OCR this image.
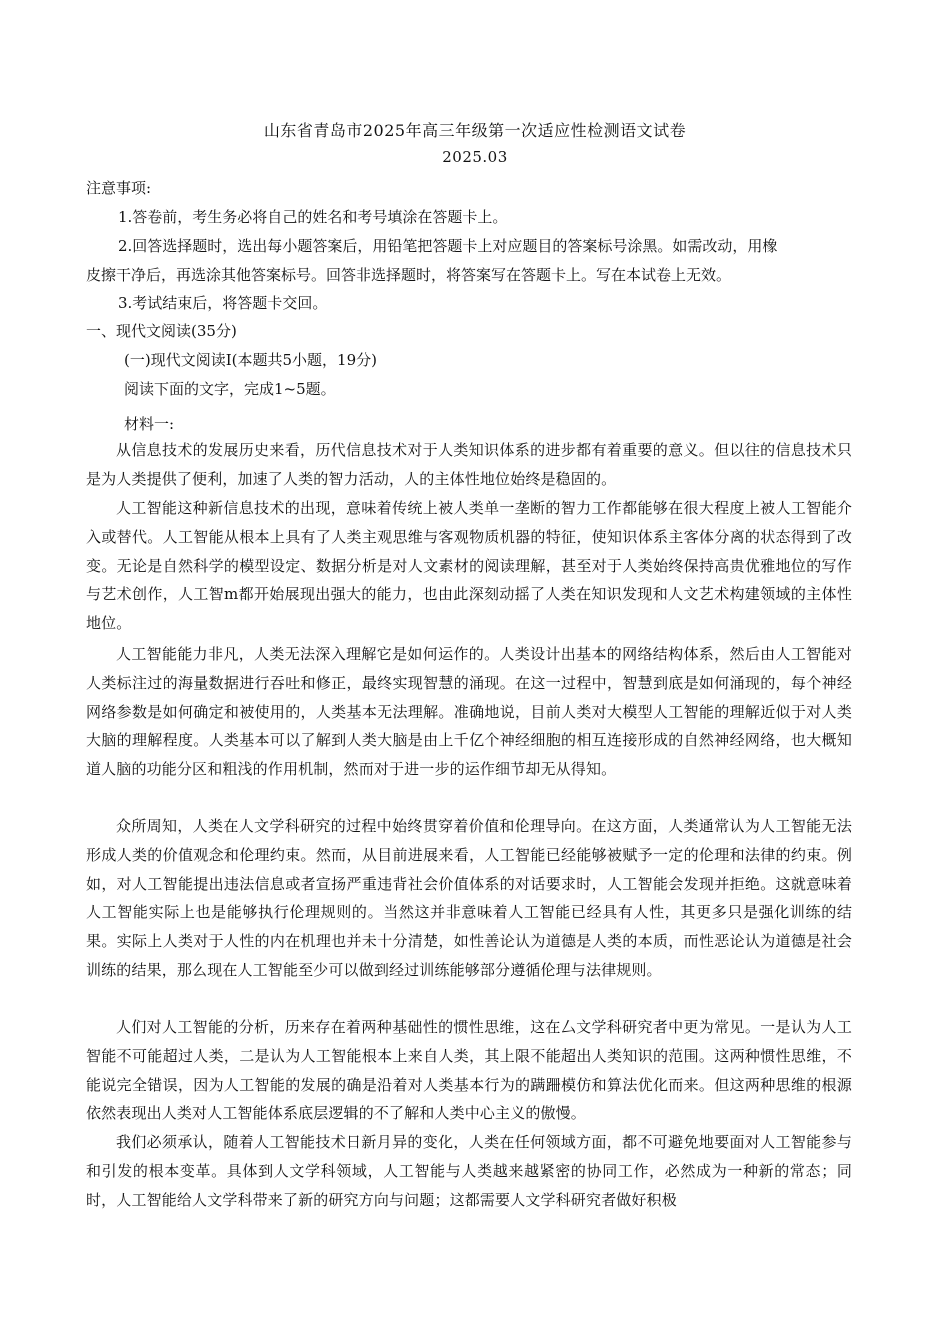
山东省青岛市2025年高三年级第一次适应性检测语文试卷
2025.03
注意事项:
1.答卷前，考生务必将自己的姓名和考号填涂在答题卡上。
2.回答选择题时，选出每小题答案后，用铅笔把答题卡上对应题目的答案标号涂黑。如需改动，用橡
皮擦干净后，再选涂其他答案标号。回答非选择题时，将答案写在答题卡上。写在本试卷上无效。
3.考试结束后，将答题卡交回。
一、现代文阅读(35分)
(一)现代文阅读Ⅰ(本题共5小题，19分)
阅读下面的文字，完成1~5题。
材料一:
从信息技术的发展历史来看，历代信息技术对于人类知识体系的进步都有着重要的意义。但以往的信息技术只是为人类提供了便利，加速了人类的智力活动，人的主体性地位始终是稳固的。
人工智能这种新信息技术的出现，意味着传统上被人类单一垄断的智力工作都能够在很大程度上被人工智能介入或替代。人工智能从根本上具有了人类主观思维与客观物质机器的特征，使知识体系主客体分离的状态得到了改变。无论是自然科学的模型设定、数据分析是对人文素材的阅读理解，甚至对于人类始终保持高贵优雅地位的写作与艺术创作，人工智m都开始展现出强大的能力，也由此深刻动摇了人类在知识发现和人文艺术构建领域的主体性地位。
人工智能能力非凡，人类无法深入理解它是如何运作的。人类设计出基本的网络结构体系，然后由人工智能对人类标注过的海量数据进行吞吐和修正，最终实现智慧的涌现。在这一过程中，智慧到底是如何涌现的，每个神经网络参数是如何确定和被使用的，人类基本无法理解。准确地说，目前人类对大模型人工智能的理解近似于对人类大脑的理解程度。人类基本可以了解到人类大脑是由上千亿个神经细胞的相互连接形成的自然神经网络，也大概知道人脑的功能分区和粗浅的作用机制，然而对于进一步的运作细节却无从得知。
众所周知，人类在人文学科研究的过程中始终贯穿着价值和伦理导向。在这方面，人类通常认为人工智能无法形成人类的价值观念和伦理约束。然而，从目前进展来看，人工智能已经能够被赋予一定的伦理和法律的约束。例如，对人工智能提出违法信息或者宣扬严重违背社会价值体系的对话要求时，人工智能会发现并拒绝。这就意味着人工智能实际上也是能够执行伦理规则的。当然这并非意味着人工智能已经具有人性，其更多只是强化训练的结果。实际上人类对于人性的内在机理也并未十分清楚，如性善论认为道德是人类的本质，而性恶论认为道德是社会训练的结果，那么现在人工智能至少可以做到经过训练能够部分遵循伦理与法律规则。
人们对人工智能的分析，历来存在着两种基础性的惯性思维，这在厶文学科研究者中更为常见。一是认为人工智能不可能超过人类，二是认为人工智能根本上来自人类，其上限不能超出人类知识的范围。这两种惯性思维，不能说完全错误，因为人工智能的发展的确是沿着对人类基本行为的蹒跚模仿和算法优化而来。但这两种思维的根源依然表现出人类对人工智能体系底层逻辑的不了解和人类中心主义的傲慢。
我们必须承认，随着人工智能技术日新月异的变化，人类在任何领域方面，都不可避免地要面对人工智能参与和引发的根本变革。具体到人文学科领域，人工智能与人类越来越紧密的协同工作，必然成为一种新的常态；同时，人工智能给人文学科带来了新的研究方向与问题；这都需要人文学科研究者做好积极
